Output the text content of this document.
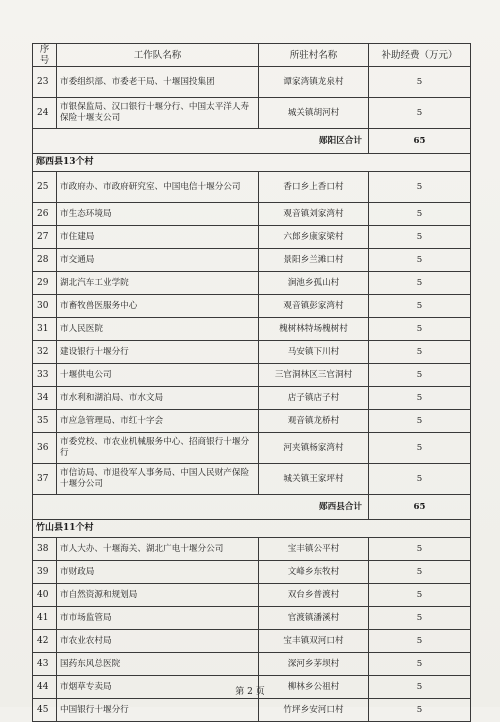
序号	工作队名称	所驻村名称	补助经费（万元）
23	市委组织部、市委老干局、十堰国投集团	谭家湾镇龙泉村	5
24	市银保监局、汉口银行十堰分行、中国太平洋人寿保险十堰支公司	城关镇胡河村	5
郧阳区合计			65
郧西县13个村			
25	市政府办、市政府研究室、中国电信十堰分公司	香口乡上香口村	5
26	市生态环境局	观音镇刘家湾村	5
27	市住建局	六郎乡康家梁村	5
28	市交通局	景阳乡兰滩口村	5
29	湖北汽车工业学院	涧池乡孤山村	5
30	市畜牧兽医服务中心	观音镇彭家湾村	5
31	市人民医院	槐树林特场槐树村	5
32	建设银行十堰分行	马安镇下川村	5
33	十堰供电公司	三官洞林区三官洞村	5
34	市水利和湖泊局、市水文局	店子镇店子村	5
35	市应急管理局、市红十字会	观音镇龙桥村	5
36	市委党校、市农业机械服务中心、招商银行十堰分行	河夹镇杨家湾村	5
37	市信访局、市退役军人事务局、中国人民财产保险十堰分公司	城关镇王家坪村	5
郧西县合计			65
竹山县11个村			
38	市人大办、十堰海关、湖北广电十堰分公司	宝丰镇公平村	5
39	市财政局	文峰乡东牧村	5
40	市自然资源和规划局	双台乡普渡村	5
41	市市场监管局	官渡镇潘溪村	5
42	市农业农村局	宝丰镇双河口村	5
43	国药东风总医院	深河乡茅坝村	5
44	市烟草专卖局	柳林乡公祖村	5
45	中国银行十堰分行	竹坪乡安河口村	5
第 2 页
